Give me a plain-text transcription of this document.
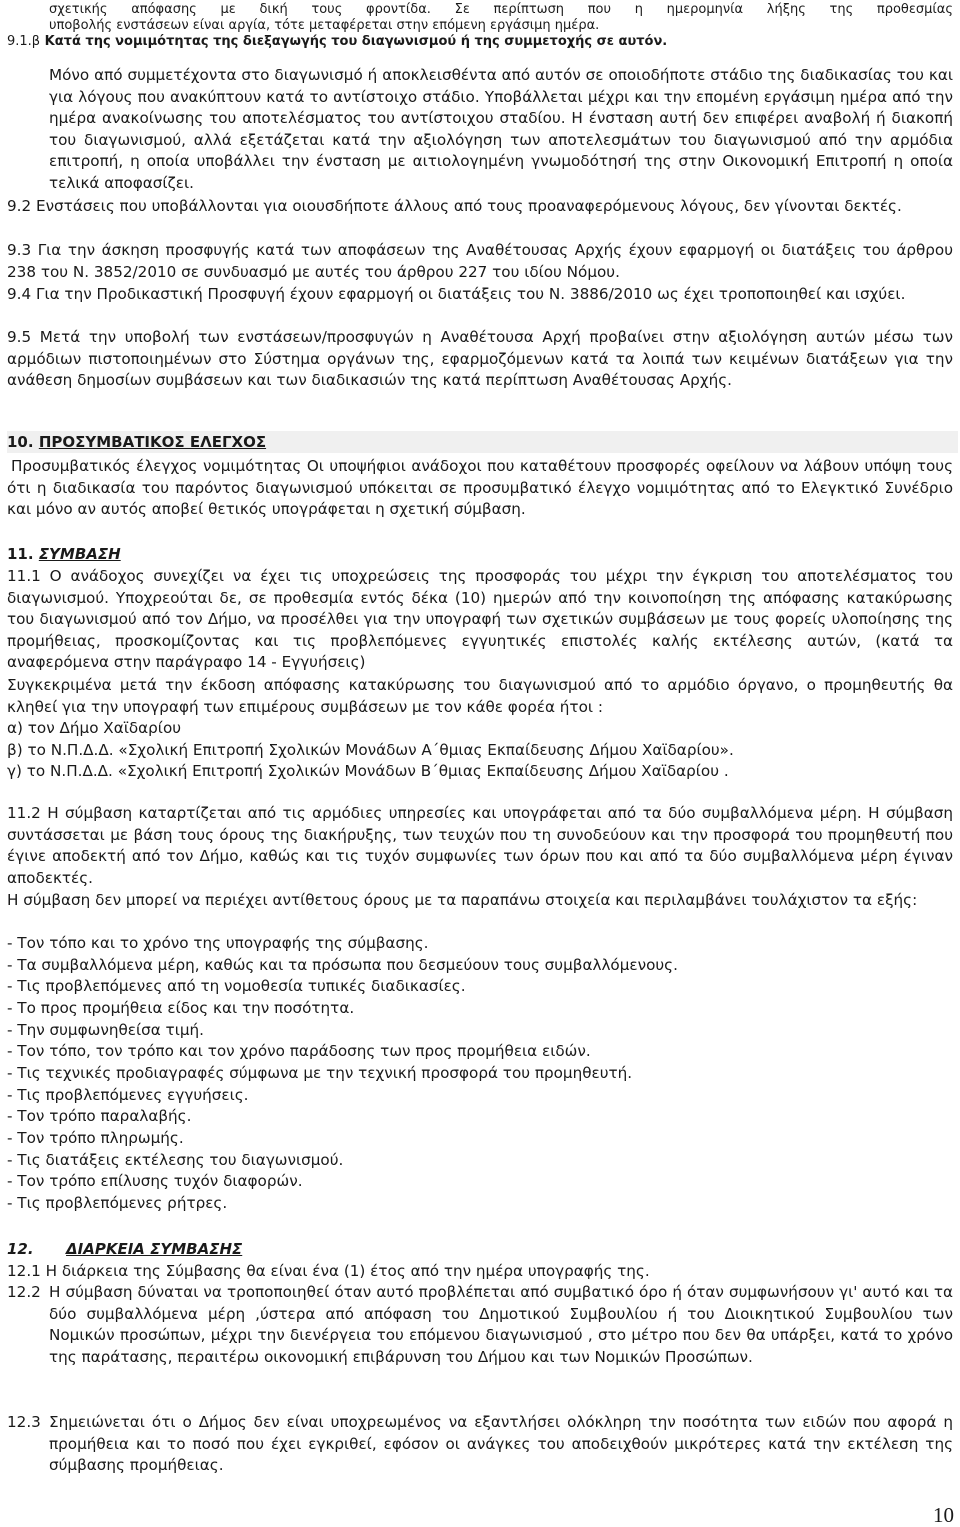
σχετικής απόφασης με δική τους φροντίδα. Σε περίπτωση που η ημερομηνία λήξης της προθεσμίας
υποβολής ενστάσεων είναι αργία, τότε μεταφέρεται στην επόμενη εργάσιμη ημέρα.
9.1.β Κατά της νομιμότητας της διεξαγωγής του διαγωνισμού ή της συμμετοχής σε αυτόν.

Μόνο από συμμετέχοντα στο διαγωνισμό ή αποκλεισθέντα από αυτόν σε οποιοδήποτε στάδιο της διαδικασίας του και για λόγους που ανακύπτουν κατά το αντίστοιχο στάδιο. Υποβάλλεται μέχρι και την επομένη εργάσιμη ημέρα από την ημέρα ανακοίνωσης του αποτελέσματος του αντίστοιχου σταδίου. Η ένσταση αυτή δεν επιφέρει αναβολή ή διακοπή του διαγωνισμού, αλλά εξετάζεται κατά την αξιολόγηση των αποτελεσμάτων του διαγωνισμού από την αρμόδια επιτροπή, η οποία υποβάλλει την ένσταση με αιτιολογημένη γνωμοδότησή της στην Οικονομική Επιτροπή η οποία τελικά αποφασίζει.

9.2 Ενστάσεις που υποβάλλονται για οιουσδήποτε άλλους από τους προαναφερόμενους λόγους, δεν γίνονται δεκτές.

9.3 Για την άσκηση προσφυγής κατά των αποφάσεων της Αναθέτουσας Αρχής έχουν εφαρμογή οι διατάξεις του άρθρου 238 του Ν. 3852/2010 σε συνδυασμό με αυτές του άρθρου 227 του ιδίου Νόμου.

9.4 Για την Προδικαστική Προσφυγή έχουν εφαρμογή οι διατάξεις του Ν. 3886/2010 ως έχει τροποποιηθεί και ισχύει.

9.5 Μετά την υποβολή των ενστάσεων/προσφυγών η Αναθέτουσα Αρχή προβαίνει στην αξιολόγηση αυτών μέσω των αρμόδιων πιστοποιημένων στο Σύστημα οργάνων της, εφαρμοζόμενων κατά τα λοιπά των κειμένων διατάξεων για την ανάθεση δημοσίων συμβάσεων και των διαδικασιών της κατά περίπτωση Αναθέτουσας Αρχής.

10. ΠΡΟΣΥΜΒΑΤΙΚΟΣ ΕΛΕΓΧΟΣ

Προσυμβατικός έλεγχος νομιμότητας Οι υποψήφιοι ανάδοχοι που καταθέτουν προσφορές οφείλουν να λάβουν υπόψη τους ότι η διαδικασία του παρόντος διαγωνισμού υπόκειται σε προσυμβατικό έλεγχο νομιμότητας από το Ελεγκτικό Συνέδριο και μόνο αν αυτός αποβεί θετικός υπογράφεται η σχετική σύμβαση.

11. ΣΥΜΒΑΣΗ

11.1 Ο ανάδοχος συνεχίζει να έχει τις υποχρεώσεις της προσφοράς του μέχρι την έγκριση του αποτελέσματος του διαγωνισμού. Υποχρεούται δε, σε προθεσμία εντός δέκα (10) ημερών από την κοινοποίηση της απόφασης κατακύρωσης του διαγωνισμού από τον Δήμο, να προσέλθει για την υπογραφή των σχετικών συμβάσεων με τους φορείς υλοποίησης της προμήθειας, προσκομίζοντας και τις προβλεπόμενες εγγυητικές επιστολές καλής εκτέλεσης αυτών, (κατά τα αναφερόμενα στην παράγραφο 14 - Εγγυήσεις)

Συγκεκριμένα μετά την έκδοση απόφασης κατακύρωσης του διαγωνισμού από το αρμόδιο όργανο, ο προμηθευτής θα κληθεί για την υπογραφή των επιμέρους συμβάσεων με τον κάθε φορέα ήτοι :

α) τον Δήμο Χαϊδαρίου
β) το Ν.Π.Δ.Δ. «Σχολική Επιτροπή Σχολικών Μονάδων Α΄θμιας Εκπαίδευσης Δήμου Χαϊδαρίου».
γ) το Ν.Π.Δ.Δ. «Σχολική Επιτροπή Σχολικών Μονάδων Β΄θμιας Εκπαίδευσης Δήμου Χαϊδαρίου .

11.2 Η σύμβαση καταρτίζεται από τις αρμόδιες υπηρεσίες και υπογράφεται από τα δύο συμβαλλόμενα μέρη. Η σύμβαση συντάσσεται με βάση τους όρους της διακήρυξης, των τευχών που τη συνοδεύουν και την προσφορά του προμηθευτή που έγινε αποδεκτή από τον Δήμο, καθώς και τις τυχόν συμφωνίες των όρων που και από τα δύο συμβαλλόμενα μέρη έγιναν αποδεκτές.

Η σύμβαση δεν μπορεί να περιέχει αντίθετους όρους με τα παραπάνω στοιχεία και περιλαμβάνει τουλάχιστον τα εξής:

- Τον τόπο και το χρόνο της υπογραφής της σύμβασης.
- Τα συμβαλλόμενα μέρη, καθώς και τα πρόσωπα που δεσμεύουν τους συμβαλλόμενους.
- Τις προβλεπόμενες από τη νομοθεσία τυπικές διαδικασίες.
- Το προς προμήθεια είδος και την ποσότητα.
- Την συμφωνηθείσα τιμή.
- Τον τόπο, τον τρόπο και τον χρόνο παράδοσης των προς προμήθεια ειδών.
- Τις τεχνικές προδιαγραφές σύμφωνα με την τεχνική προσφορά του προμηθευτή.
- Τις προβλεπόμενες εγγυήσεις.
- Τον τρόπο παραλαβής.
- Τον τρόπο πληρωμής.
- Τις διατάξεις εκτέλεσης του διαγωνισμού.
- Τον τρόπο επίλυσης τυχόν διαφορών.
- Τις προβλεπόμενες ρήτρες.
12. ΔΙΑΡΚΕΙΑ ΣΥΜΒΑΣΗΣ
12.1 Η διάρκεια της Σύμβασης θα είναι ένα (1) έτος από την ημέρα υπογραφής της.
12.2 Η σύμβαση δύναται να τροποποιηθεί όταν αυτό προβλέπεται από συμβατικό όρο ή όταν συμφωνήσουν γι' αυτό και τα δύο συμβαλλόμενα μέρη ,ύστερα από απόφαση του Δημοτικού Συμβουλίου ή του Διοικητικού Συμβουλίου των Νομικών προσώπων, μέχρι την διενέργεια του επόμενου διαγωνισμού , στο μέτρο που δεν θα υπάρξει, κατά το χρόνο της παράτασης, περαιτέρω οικονομική επιβάρυνση του Δήμου και των Νομικών Προσώπων.

12.3 Σημειώνεται ότι ο Δήμος δεν είναι υποχρεωμένος να εξαντλήσει ολόκληρη την ποσότητα των ειδών που αφορά η προμήθεια και το ποσό που έχει εγκριθεί, εφόσον οι ανάγκες του αποδειχθούν μικρότερες κατά την εκτέλεση της σύμβασης προμήθειας.

10
